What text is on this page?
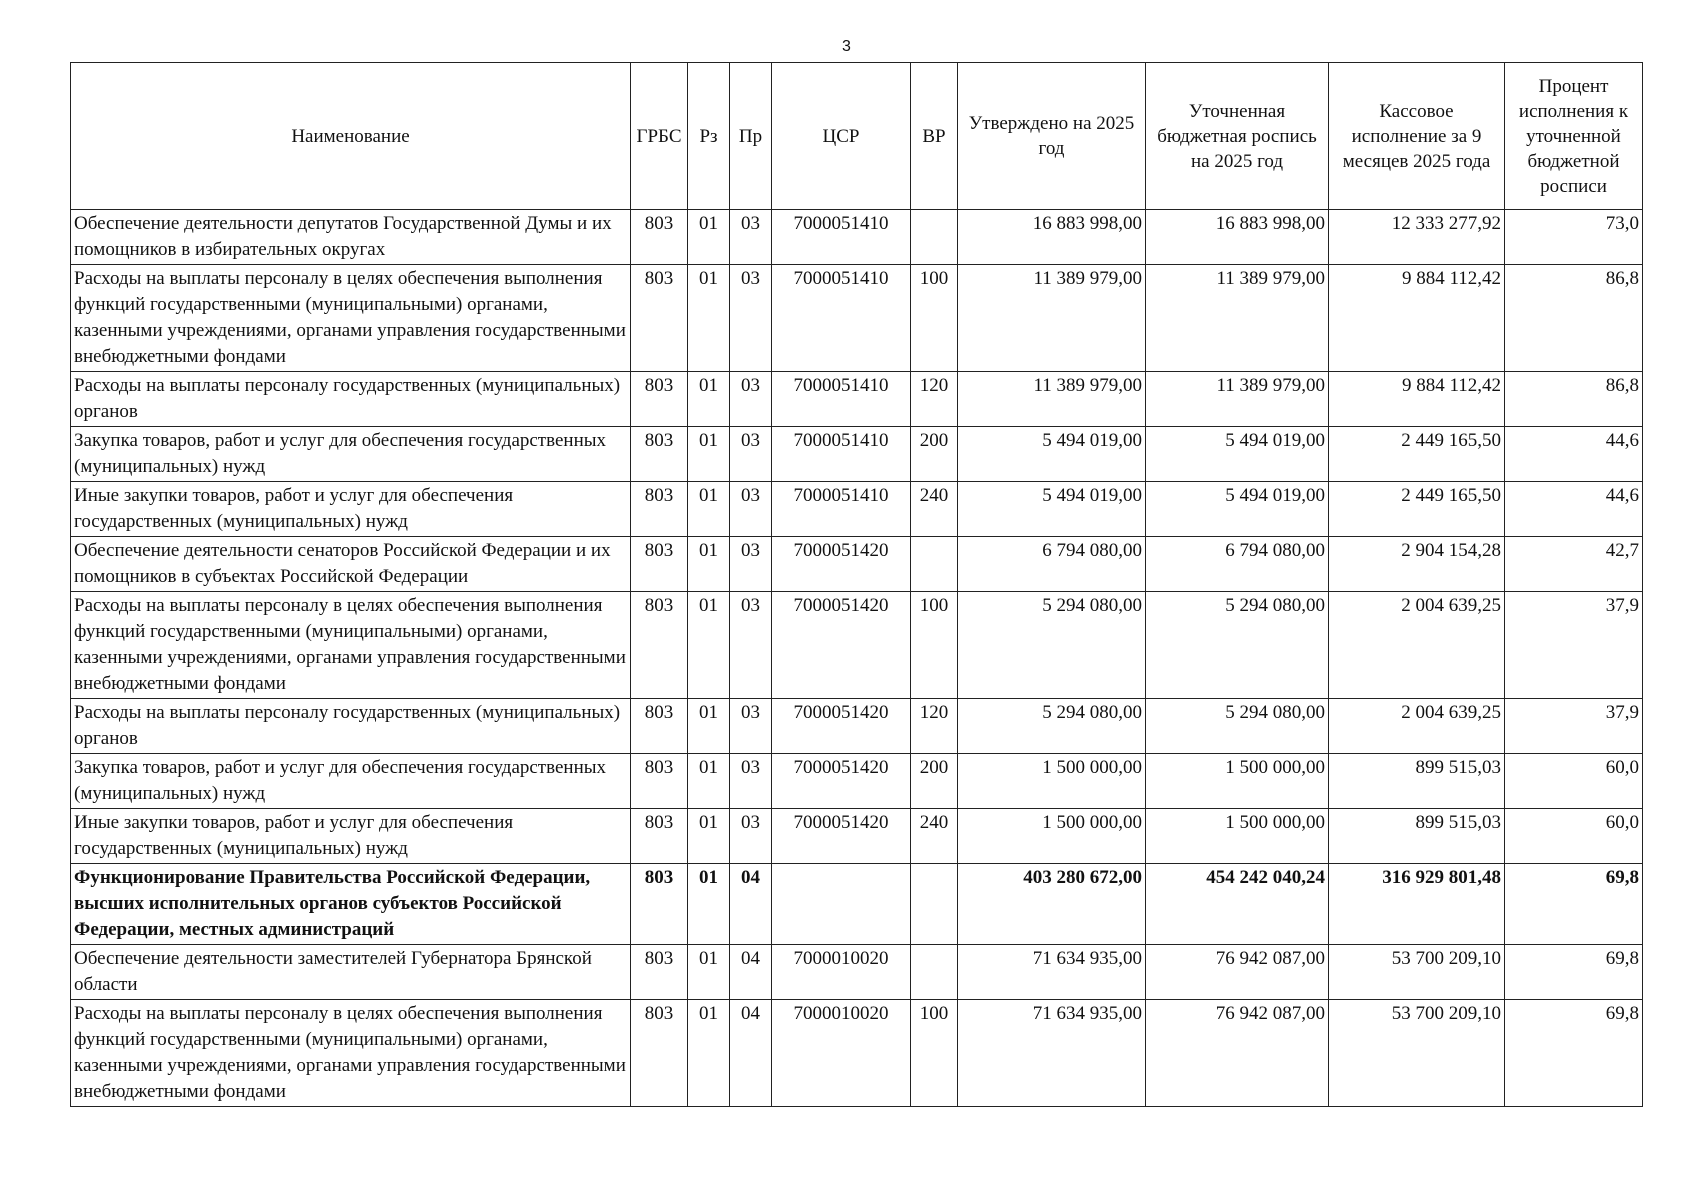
3
Наименование	ГРБС	Рз	Пр	ЦСР	ВР	Утверждено на 2025 год	Уточненная бюджетная роспись на 2025 год	Кассовое исполнение за 9 месяцев 2025 года	Процент исполнения к уточненной бюджетной росписи
Обеспечение деятельности депутатов Государственной Думы и их помощников в избирательных округах	803	01	03	7000051410		16 883 998,00	16 883 998,00	12 333 277,92	73,0
Расходы на выплаты персоналу в целях обеспечения выполнения функций государственными (муниципальными) органами, казенными учреждениями, органами управления государственными внебюджетными фондами	803	01	03	7000051410	100	11 389 979,00	11 389 979,00	9 884 112,42	86,8
Расходы на выплаты персоналу государственных (муниципальных) органов	803	01	03	7000051410	120	11 389 979,00	11 389 979,00	9 884 112,42	86,8
Закупка товаров, работ и услуг для обеспечения государственных (муниципальных) нужд	803	01	03	7000051410	200	5 494 019,00	5 494 019,00	2 449 165,50	44,6
Иные закупки товаров, работ и услуг для обеспечения государственных (муниципальных) нужд	803	01	03	7000051410	240	5 494 019,00	5 494 019,00	2 449 165,50	44,6
Обеспечение деятельности сенаторов Российской Федерации и их помощников в субъектах Российской Федерации	803	01	03	7000051420		6 794 080,00	6 794 080,00	2 904 154,28	42,7
Расходы на выплаты персоналу в целях обеспечения выполнения функций государственными (муниципальными) органами, казенными учреждениями, органами управления государственными внебюджетными фондами	803	01	03	7000051420	100	5 294 080,00	5 294 080,00	2 004 639,25	37,9
Расходы на выплаты персоналу государственных (муниципальных) органов	803	01	03	7000051420	120	5 294 080,00	5 294 080,00	2 004 639,25	37,9
Закупка товаров, работ и услуг для обеспечения государственных (муниципальных) нужд	803	01	03	7000051420	200	1 500 000,00	1 500 000,00	899 515,03	60,0
Иные закупки товаров, работ и услуг для обеспечения государственных (муниципальных) нужд	803	01	03	7000051420	240	1 500 000,00	1 500 000,00	899 515,03	60,0
Функционирование Правительства Российской Федерации, высших исполнительных органов субъектов Российской Федерации, местных администраций	803	01	04			403 280 672,00	454 242 040,24	316 929 801,48	69,8
Обеспечение деятельности заместителей Губернатора Брянской области	803	01	04	7000010020		71 634 935,00	76 942 087,00	53 700 209,10	69,8
Расходы на выплаты персоналу в целях обеспечения выполнения функций государственными (муниципальными) органами, казенными учреждениями, органами управления государственными внебюджетными фондами	803	01	04	7000010020	100	71 634 935,00	76 942 087,00	53 700 209,10	69,8
